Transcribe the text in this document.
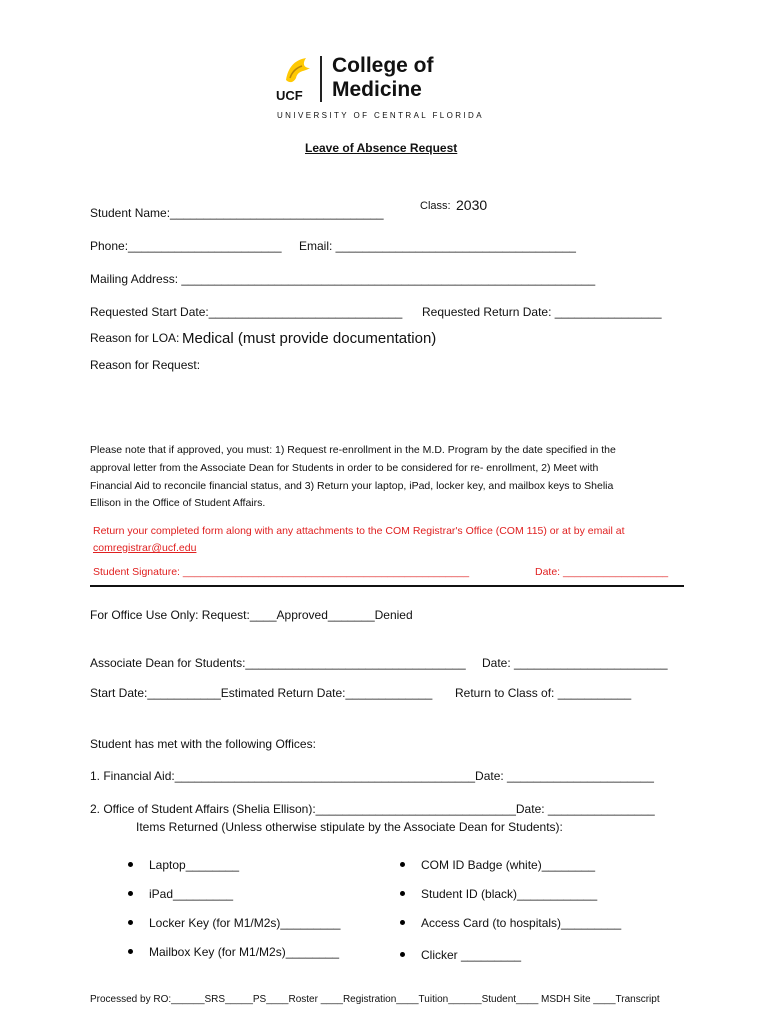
UCF
College of
Medicine
UNIVERSITY OF CENTRAL FLORIDA
Leave of Absence Request
Student Name:________________________________	Class: 2030
Phone:_______________________ Email: ____________________________________
Mailing Address: ______________________________________________________________
Requested Start Date:_____________________________ Requested Return Date: ________________
Reason for LOA: Medical (must provide documentation)
Reason for Request:
Please note that if approved, you must: 1) Request re-enrollment in the M.D. Program by the date specified in the
approval letter from the Associate Dean for Students in order to be considered for re- enrollment, 2) Meet with
Financial Aid to reconcile financial status, and 3) Return your laptop, iPad, locker key, and mailbox keys to Shelia
Ellison in the Office of Student Affairs.
Return your completed form along with any attachments to the COM Registrar's Office (COM 115) or at by email at
comregistrar@ucf.edu
Student Signature: _________________________________________________	Date: __________________
For Office Use Only: Request:____Approved_______Denied
Associate Dean for Students:_________________________________ Date: _______________________
Start Date:___________Estimated Return Date:_____________ Return to Class of: ___________
Student has met with the following Offices:
1. Financial Aid:_____________________________________________Date: ______________________
2. Office of Student Affairs (Shelia Ellison):______________________________Date: ________________
Items Returned (Unless otherwise stipulate by the Associate Dean for Students):
Laptop________
iPad_________
Locker Key (for M1/M2s)_________
Mailbox Key (for M1/M2s)________
COM ID Badge (white)________
Student ID (black)____________
Access Card (to hospitals)_________
Clicker _________
Processed by RO:______SRS_____PS____Roster ____Registration____Tuition______Student____ MSDH Site ____Transcript
